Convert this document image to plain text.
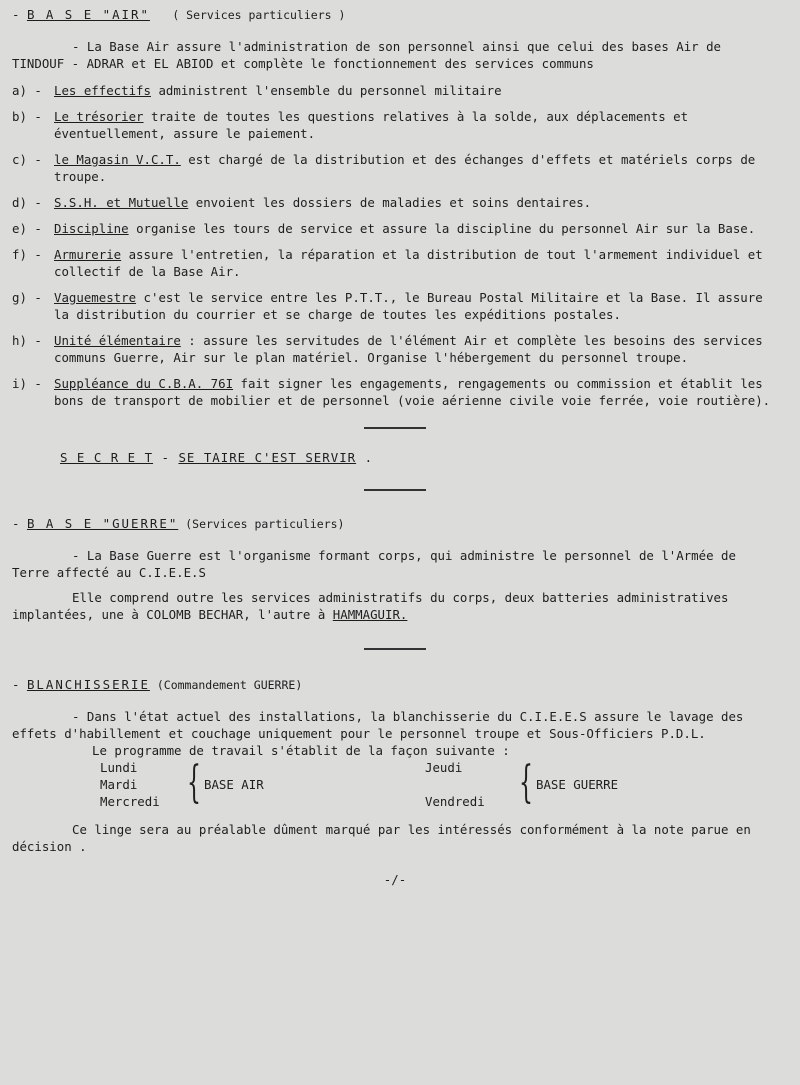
- B A S E "AIR" ( Services particuliers )

- La Base Air assure l'administration de son personnel ainsi que celui des bases Air de TINDOUF - ADRAR et EL ABIOD et complète le fonctionnement des services communs

a) - Les effectifs administrent l'ensemble du personnel militaire
b) - Le trésorier traite de toutes les questions relatives à la solde, aux déplacements et éventuellement, assure le paiement.
c) - le Magasin V.C.T. est chargé de la distribution et des échanges d'effets et matériels corps de troupe.
d) - S.S.H. et Mutuelle envoient les dossiers de maladies et soins dentaires.
e) - Discipline organise les tours de service et assure la discipline du personnel Air sur la Base.
f) - Armurerie assure l'entretien, la réparation et la distribution de tout l'armement individuel et collectif de la Base Air.
g) - Vaguemestre c'est le service entre les P.T.T., le Bureau Postal Militaire et la Base. Il assure la distribution du courrier et se charge de toutes les expéditions postales.
h) - Unité élémentaire : assure les servitudes de l'élément Air et complète les besoins des services communs Guerre, Air sur le plan matériel. Organise l'hébergement du personnel troupe.
i) - Suppléance du C.B.A. 76I fait signer les engagements, rengagements ou commission et établit les bons de transport de mobilier et de personnel (voie aérienne civile voie ferrée, voie routière).

S E C R E T - SE TAIRE C'EST SERVIR .

- B A S E "GUERRE" (Services particuliers)

- La Base Guerre est l'organisme formant corps, qui administre le personnel de l'Armée de Terre affecté au C.I.E.E.S

Elle comprend outre les services administratifs du corps, deux batteries administratives implantées, une à COLOMB BECHAR, l'autre à HAMMAGUIR.

- BLANCHISSERIE (Commandement GUERRE)

- Dans l'état actuel des installations, la blanchisserie du C.I.E.E.S assure le lavage des effets d'habillement et couchage uniquement pour le personnel troupe et Sous-Officiers P.D.L.

Le programme de travail s'établit de la façon suivante :

Lundi
Mardi
Mercredi { BASE AIR
Jeudi

Vendredi { BASE GUERRE

Ce linge sera au préalable dûment marqué par les intéressés conformément à la note parue en décision .

-/-
